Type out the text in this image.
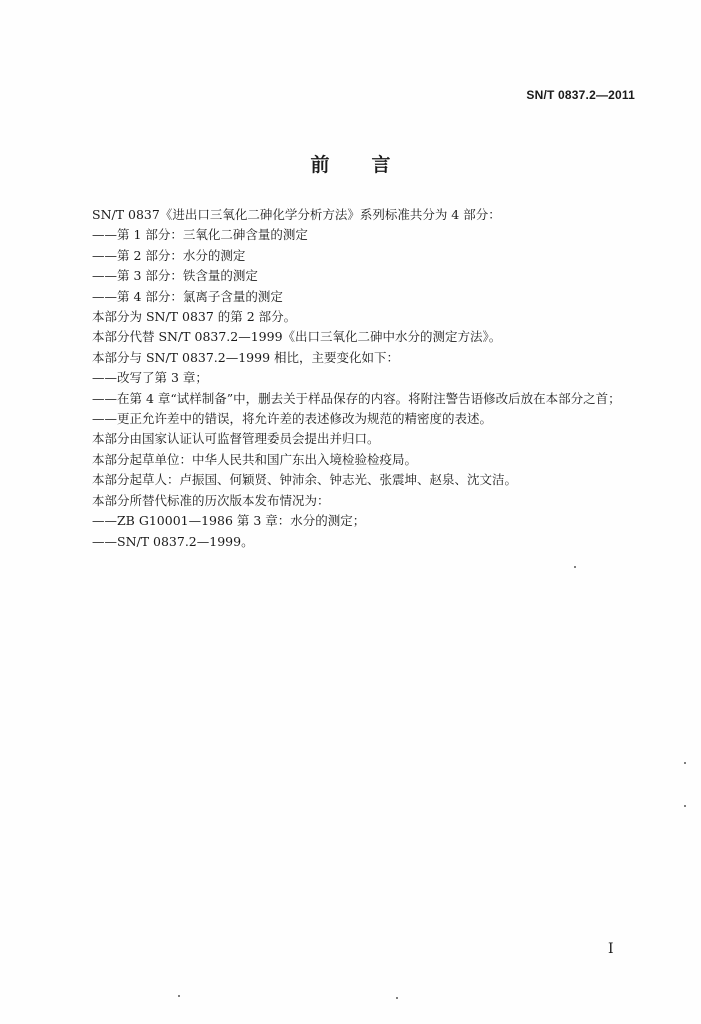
SN/T 0837.2—2011
前言
SN/T 0837《进出口三氧化二砷化学分析方法》系列标准共分为 4 部分：
——第 1 部分：三氧化二砷含量的测定
——第 2 部分：水分的测定
——第 3 部分：铁含量的测定
——第 4 部分：氯离子含量的测定
本部分为 SN/T 0837 的第 2 部分。
本部分代替 SN/T 0837.2—1999《出口三氧化二砷中水分的测定方法》。
本部分与 SN/T 0837.2—1999 相比，主要变化如下：
——改写了第 3 章；
——在第 4 章“试样制备”中，删去关于样品保存的内容。将附注警告语修改后放在本部分之首；
——更正允许差中的错误，将允许差的表述修改为规范的精密度的表述。
本部分由国家认证认可监督管理委员会提出并归口。
本部分起草单位：中华人民共和国广东出入境检验检疫局。
本部分起草人：卢振国、何颖贤、钟沛余、钟志光、张震坤、赵泉、沈文洁。
本部分所替代标准的历次版本发布情况为：
——ZB G10001—1986 第 3 章：水分的测定；
——SN/T 0837.2—1999。
I
